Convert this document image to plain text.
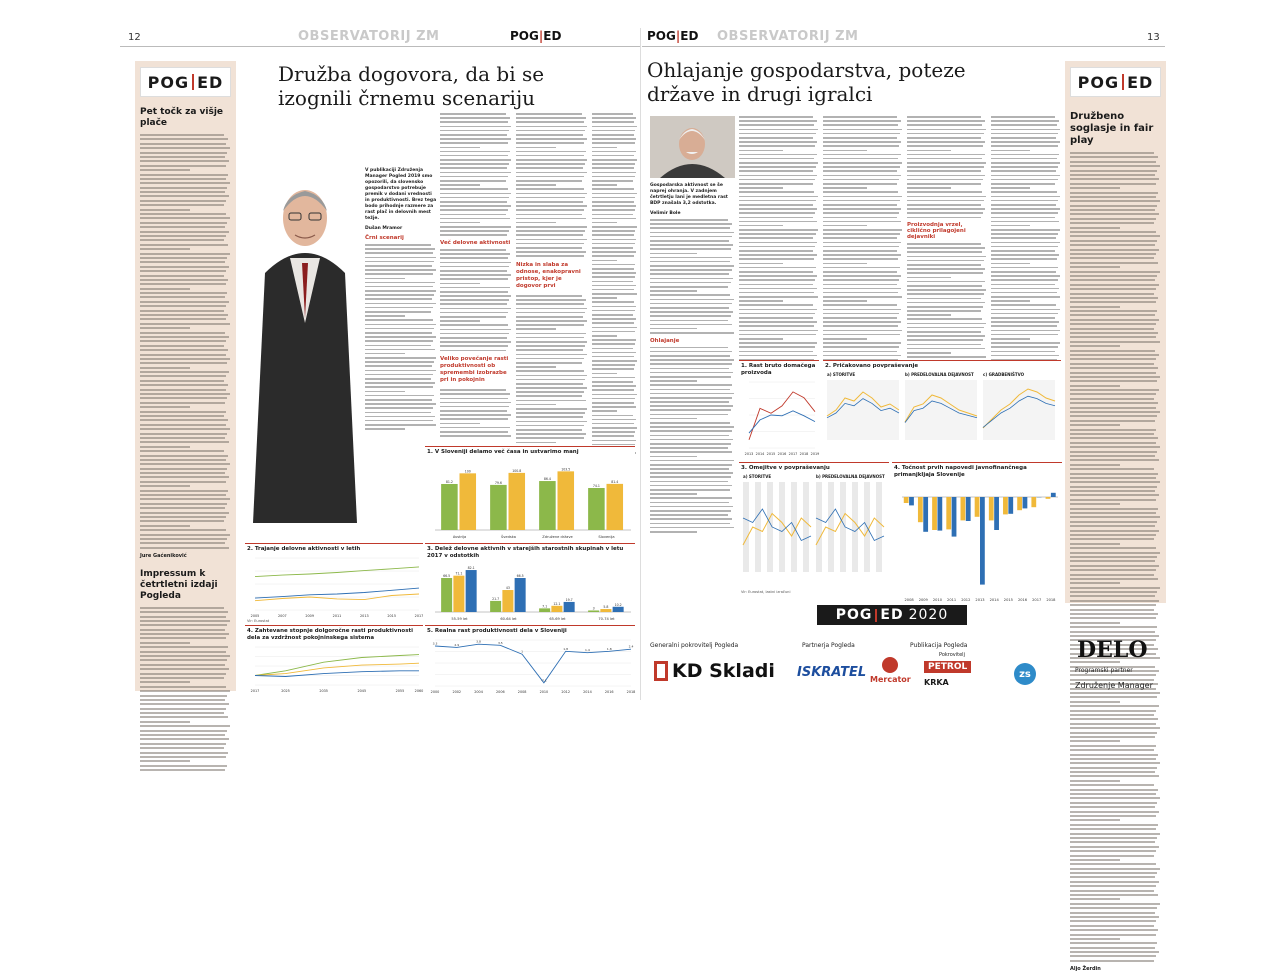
12	OBSERVATORIJ ZM	POG|ED
POG ED
Pet točk za višje plače
Jure Gaćeniković
Impressum k četrtletni izdaji Pogleda
Družba dogovora, da bi se izognili črnemu scenariju
V publikaciji Združenja Manager Pogled 2019 smo opozorili, da slovensko gospodarstvo potrebuje premik v dodani vrednosti in produktivnosti. Brez tega bodo prihodnje razmere za rast plač in delovnih mest težje.
Dušan Mramor
Črni scenarij
Več delovne aktivnosti
Veliko povečanje rasti produktivnosti ob spremembi izobrazbe pri in pokojnin
Nizka in slaba za odnose, enakopravni pristop, kjer je dogovor prvi
1. V Sloveniji delamo več časa in ustvarimo manj
Avstrija
81.2
100
Švedska
79.6
100.8
Združene države
86.4
103.5
Slovenija
74.1
81.4
2. Trajanje delovne aktivnosti v letih
2005	2007	2009	2011	2013	2015	2017
Vir: Eurostat
3. Delež delovne aktivnih v starejših starostnih skupinah v letu 2017 v odstotkih
55-59 let
66.5
71.1
82.1
60-64 let
21.7
43
66.5
65-69 let
7.1
12.1
19.7
70-74 let
3	5.8
10.2
4. Zahtevane stopnje dolgoročne rasti produktivnosti dela za vzdržnost pokojninskega sistema
2017	2025	2035	2045	2055	2060
5. Realna rast produktivnosti dela v Sloveniji
2000	2002	2004	2006	2008	2010	2012	2014	2016	2018
3.3	2.9
3.8	3.5
1
-7.1
1.8	1.4	1.8
2.4
POG|ED OBSERVATORIJ ZM	13
Ohlajanje gospodarstva, poteze države in drugi igralci
Gospodarska aktivnost se še naprej ohranja. V zadnjem četrtletju lani je medletna rast BDP znašala 3,2 odstotka.
Velimir Bole
Ohlajanje
Proizvodnja vrzel, ciklično prilagojeni dejavniki
POG ED
Družbeno soglasje in fair play
Aljo Žerdin
1. Rast bruto domačega proizvoda
2013 2014 2015 2016 2017 2018 2019
2. Pričakovano povpraševanje
a) STORITVE	b) PREDELOVALNA DEJAVNOST c) GRADBENIŠTVO
3. Omejitve v povpraševanju
a) STORITVE	b) PREDELOVALNA DEJAVNOST
Vir: Eurostat, lastni izračuni
4. Točnost prvih napovedi javnofinančnega primanjkljaja Slovenije
2008 2009 2010 2011 2012 2013 2014 2015 2016 2017 2018
POG ED 2020
Generalni pokrovitelj Pogleda	Partnerja Pogleda	Publikacija Pogleda
KD Skladi ISKRATEL Mercator
Pokrovitelj
PETROL
KRKA
zs
DELO
Programski partner
Združenje Manager
